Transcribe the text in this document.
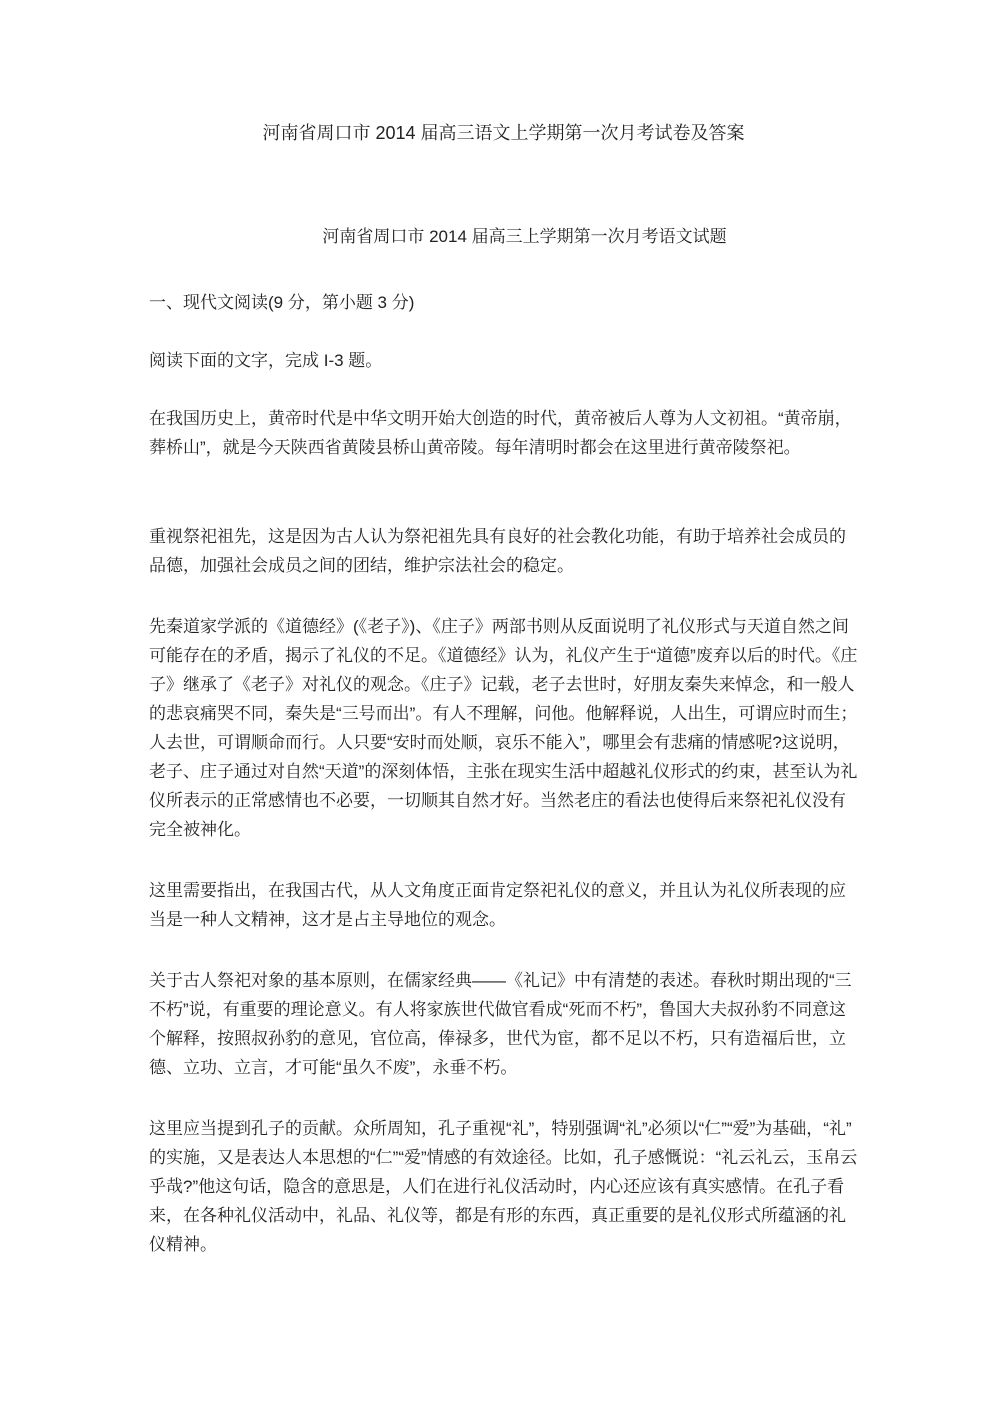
河南省周口市 2014 届高三语文上学期第一次月考试卷及答案
河南省周口市 2014 届高三上学期第一次月考语文试题

一、现代文阅读(9 分，第小题 3 分)

阅读下面的文字，完成 I-3 题。

在我国历史上，黄帝时代是中华文明开始大创造的时代，黄帝被后人尊为人文初祖。“黄帝崩，葬桥山”，就是今天陕西省黄陵县桥山黄帝陵。每年清明时都会在这里进行黄帝陵祭祀。

重视祭祀祖先，这是因为古人认为祭祀祖先具有良好的社会教化功能，有助于培养社会成员的品德，加强社会成员之间的团结，维护宗法社会的稳定。

先秦道家学派的《道德经》(《老子》)、《庄子》两部书则从反面说明了礼仪形式与天道自然之间可能存在的矛盾，揭示了礼仪的不足。《道德经》认为，礼仪产生于“道德”废弃以后的时代。《庄子》继承了《老子》对礼仪的观念。《庄子》记载，老子去世时，好朋友秦失来悼念，和一般人的悲哀痛哭不同，秦失是“三号而出”。有人不理解，问他。他解释说，人出生，可谓应时而生；人去世，可谓顺命而行。人只要“安时而处顺，哀乐不能入”，哪里会有悲痛的情感呢?这说明，老子、庄子通过对自然“天道”的深刻体悟，主张在现实生活中超越礼仪形式的约束，甚至认为礼仪所表示的正常感情也不必要，一切顺其自然才好。当然老庄的看法也使得后来祭祀礼仪没有完全被神化。

这里需要指出，在我国古代，从人文角度正面肯定祭祀礼仪的意义，并且认为礼仪所表现的应当是一种人文精神，这才是占主导地位的观念。

关于古人祭祀对象的基本原则，在儒家经典——《礼记》中有清楚的表述。春秋时期出现的“三不朽”说，有重要的理论意义。有人将家族世代做官看成“死而不朽”，鲁国大夫叔孙豹不同意这个解释，按照叔孙豹的意见，官位高，俸禄多，世代为宦，都不足以不朽，只有造福后世，立德、立功、立言，才可能“虽久不废”，永垂不朽。

这里应当提到孔子的贡献。众所周知，孔子重视“礼”，特别强调“礼”必须以“仁”“爱”为基础，“礼”的实施，又是表达人本思想的“仁”“爱”情感的有效途径。比如，孔子感慨说：“礼云礼云，玉帛云乎哉?”他这句话，隐含的意思是，人们在进行礼仪活动时，内心还应该有真实感情。在孔子看来，在各种礼仪活动中，礼品、礼仪等，都是有形的东西，真正重要的是礼仪形式所蕴涵的礼仪精神。
